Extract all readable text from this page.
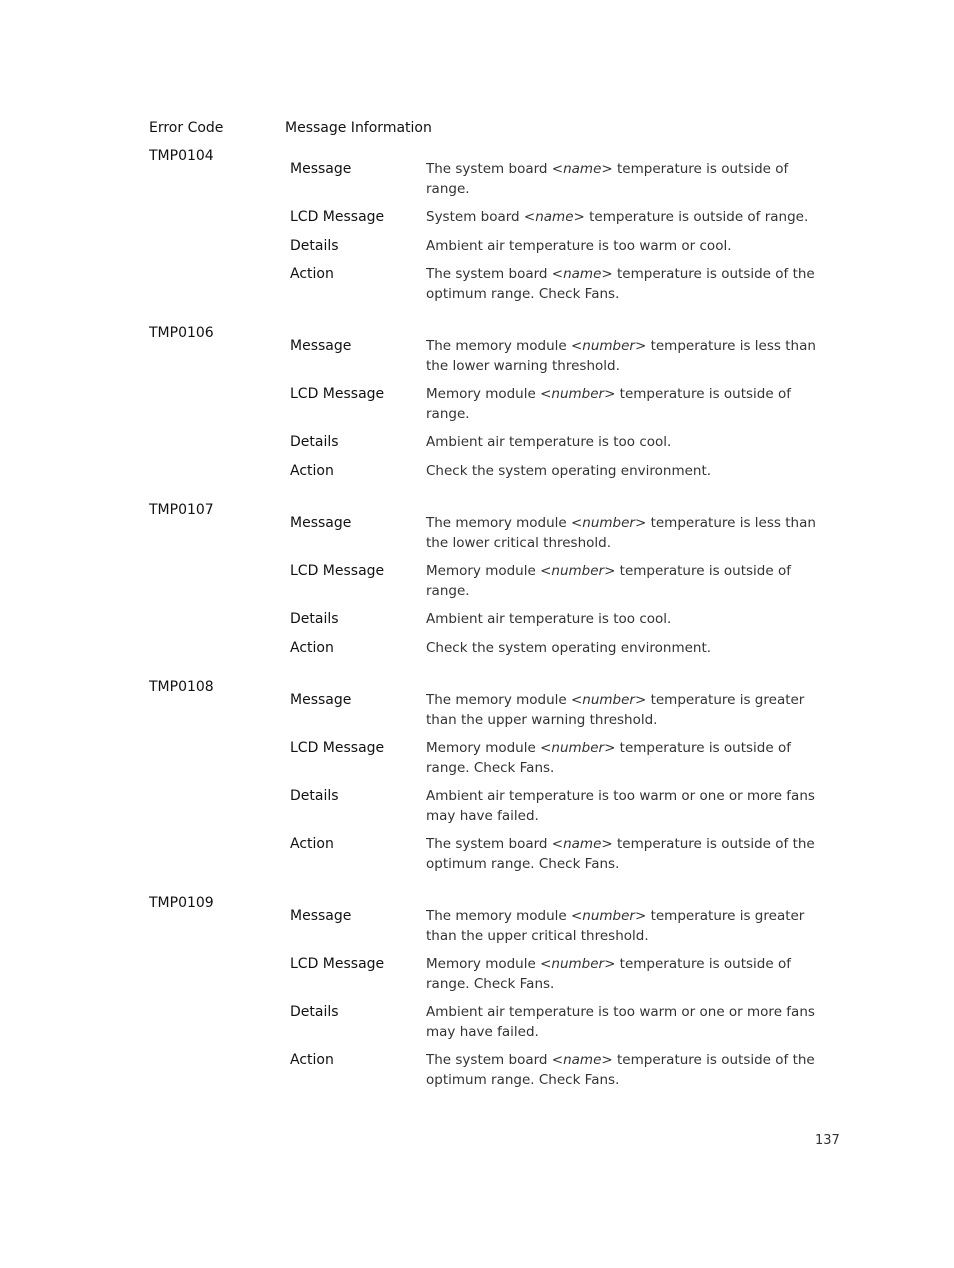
Error Code	Message Information
TMP0104
Message	The system board <name> temperature is outside of range.
LCD Message	System board <name> temperature is outside of range.
Details	Ambient air temperature is too warm or cool.
Action	The system board <name> temperature is outside of the optimum range. Check Fans.
TMP0106
Message	The memory module <number> temperature is less than the lower warning threshold.
LCD Message	Memory module <number> temperature is outside of range.
Details	Ambient air temperature is too cool.
Action	Check the system operating environment.
TMP0107
Message	The memory module <number> temperature is less than the lower critical threshold.
LCD Message	Memory module <number> temperature is outside of range.
Details	Ambient air temperature is too cool.
Action	Check the system operating environment.
TMP0108
Message	The memory module <number> temperature is greater than the upper warning threshold.
LCD Message	Memory module <number> temperature is outside of range. Check Fans.
Details	Ambient air temperature is too warm or one or more fans may have failed.
Action	The system board <name> temperature is outside of the optimum range. Check Fans.
TMP0109
Message	The memory module <number> temperature is greater than the upper critical threshold.
LCD Message	Memory module <number> temperature is outside of range. Check Fans.
Details	Ambient air temperature is too warm or one or more fans may have failed.
Action	The system board <name> temperature is outside of the optimum range. Check Fans.
137
